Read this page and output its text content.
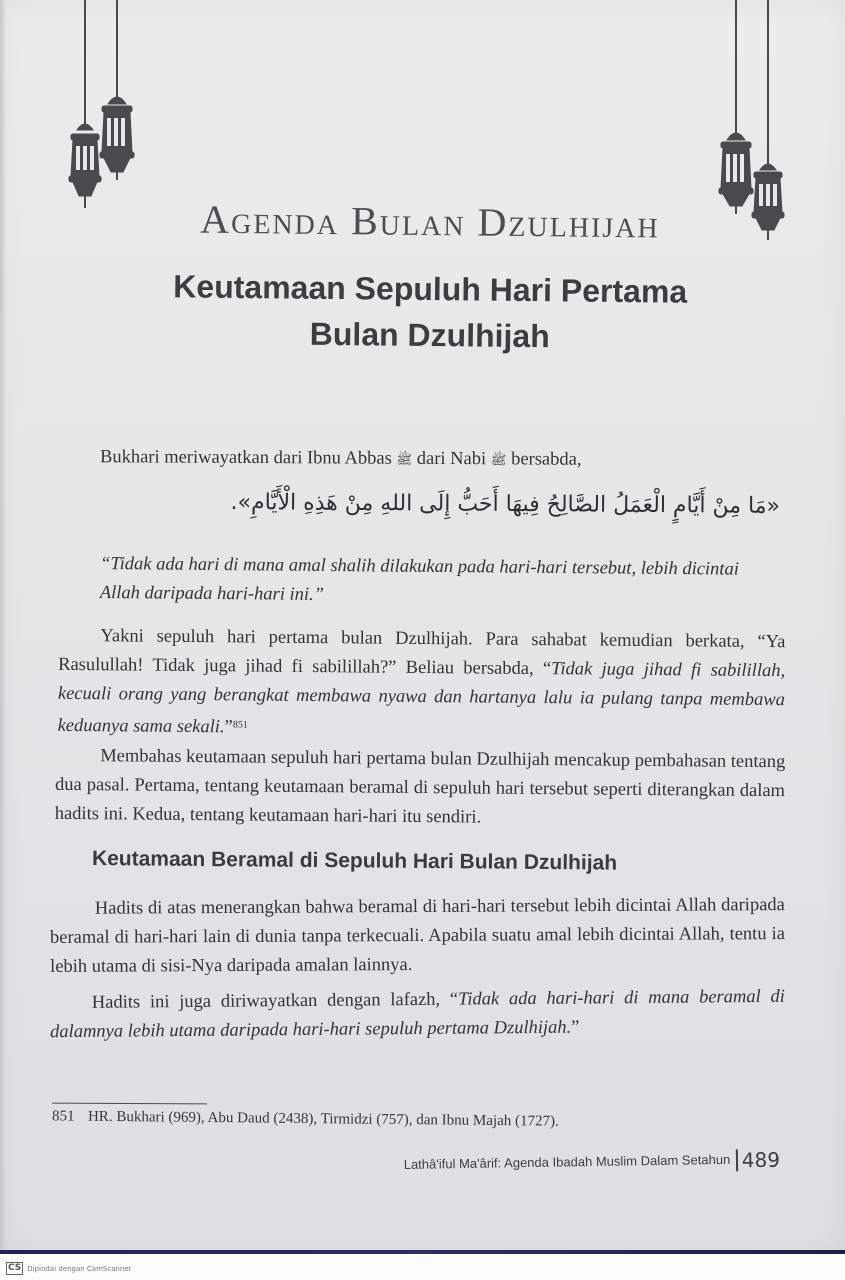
Agenda Bulan Dzulhijah
Keutamaan Sepuluh Hari Pertama
Bulan Dzulhijah
Bukhari meriwayatkan dari Ibnu Abbas ﷺ dari Nabi ﷺ bersabda,
«مَا مِنْ أَيَّامٍ الْعَمَلُ الصَّالِحُ فِيهَا أَحَبُّ إِلَى اللهِ مِنْ هَذِهِ الْأَيَّامِ».
“Tidak ada hari di mana amal shalih dilakukan pada hari-hari tersebut, lebih dicintai
Allah daripada hari-hari ini.”
Yakni sepuluh hari pertama bulan Dzulhijah. Para sahabat kemudian berkata, “Ya Rasulullah! Tidak juga jihad fi sabilillah?” Beliau bersabda, “Tidak juga jihad fi sabilillah, kecuali orang yang berangkat membawa nyawa dan hartanya lalu ia pulang tanpa membawa keduanya sama sekali.”$^{851}$
Membahas keutamaan sepuluh hari pertama bulan Dzulhijah mencakup pembahasan tentang dua pasal. Pertama, tentang keutamaan beramal di sepuluh hari tersebut seperti diterangkan dalam hadits ini. Kedua, tentang keutamaan hari-hari itu sendiri.
Keutamaan Beramal di Sepuluh Hari Bulan Dzulhijah
Hadits di atas menerangkan bahwa beramal di hari-hari tersebut lebih dicintai Allah daripada beramal di hari-hari lain di dunia tanpa terkecuali. Apabila suatu amal lebih dicintai Allah, tentu ia lebih utama di sisi-Nya daripada amalan lainnya.
Hadits ini juga diriwayatkan dengan lafazh, “Tidak ada hari-hari di mana beramal di dalamnya lebih utama daripada hari-hari sepuluh pertama Dzulhijah.”
851 HR. Bukhari (969), Abu Daud (2438), Tirmidzi (757), dan Ibnu Majah (1727).
Lathâ'iful Ma'ârif: Agenda Ibadah Muslim Dalam Setahun 489
CS Dipindai dengan CamScanner
